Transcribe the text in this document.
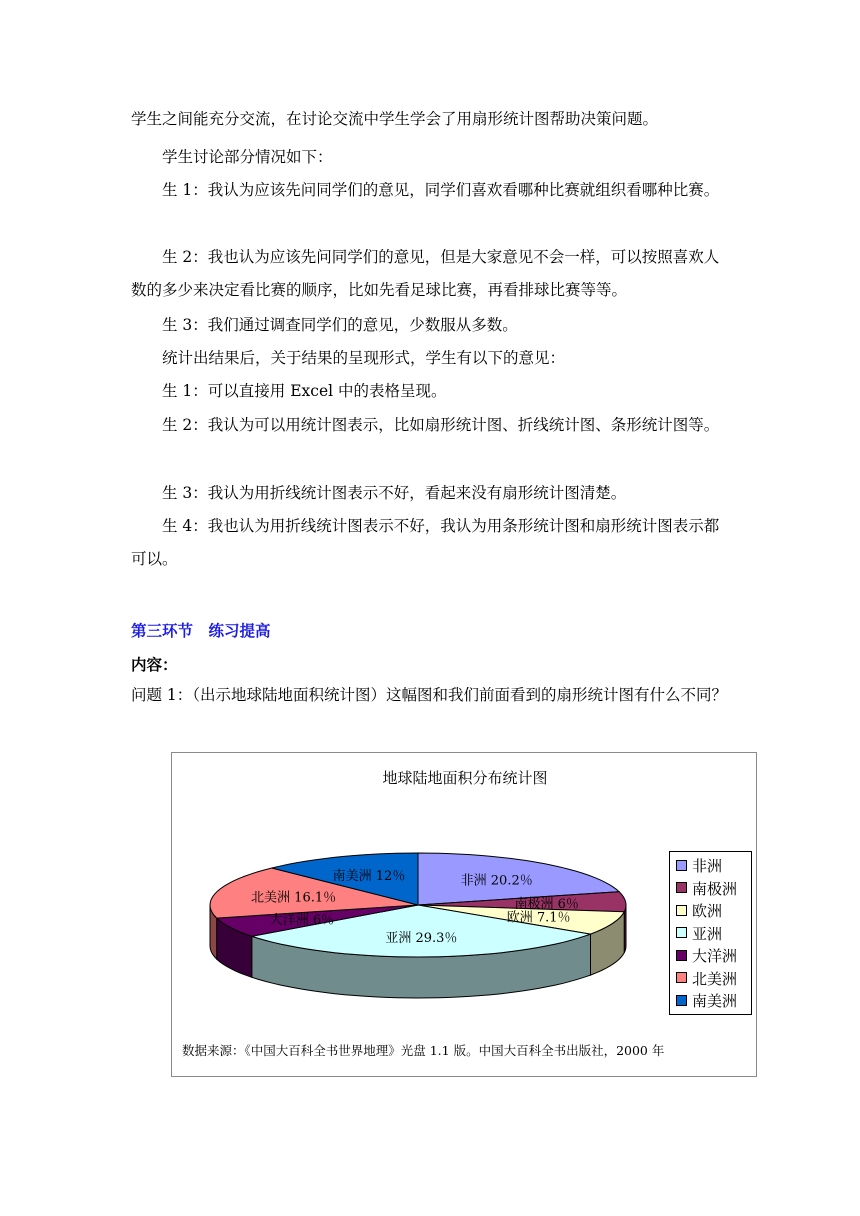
学生之间能充分交流，在讨论交流中学生学会了用扇形统计图帮助决策问题。

学生讨论部分情况如下：

生 1：我认为应该先问同学们的意见，同学们喜欢看哪种比赛就组织看哪种比赛。

生 2：我也认为应该先问同学们的意见，但是大家意见不会一样，可以按照喜欢人数的多少来决定看比赛的顺序，比如先看足球比赛，再看排球比赛等等。

生 3：我们通过调查同学们的意见，少数服从多数。

统计出结果后，关于结果的呈现形式，学生有以下的意见：

生 1：可以直接用 Excel 中的表格呈现。

生 2：我认为可以用统计图表示，比如扇形统计图、折线统计图、条形统计图等。

生 3：我认为用折线统计图表示不好，看起来没有扇形统计图清楚。

生 4：我也认为用折线统计图表示不好，我认为用条形统计图和扇形统计图表示都可以。

第三环节　练习提高
内容：

问题 1：（出示地球陆地面积统计图）这幅图和我们前面看到的扇形统计图有什么不同？

地球陆地面积分布统计图
非洲 20.2％
南极洲 6％
欧洲 7.1％
亚洲 29.3％
大洋洲 6％
北美洲 16.1％
南美洲 12％
非洲
南极洲
欧洲
亚洲
大洋洲
北美洲
南美洲
数据来源：《中国大百科全书世界地理》光盘 1.1 版。中国大百科全书出版社，2000 年
